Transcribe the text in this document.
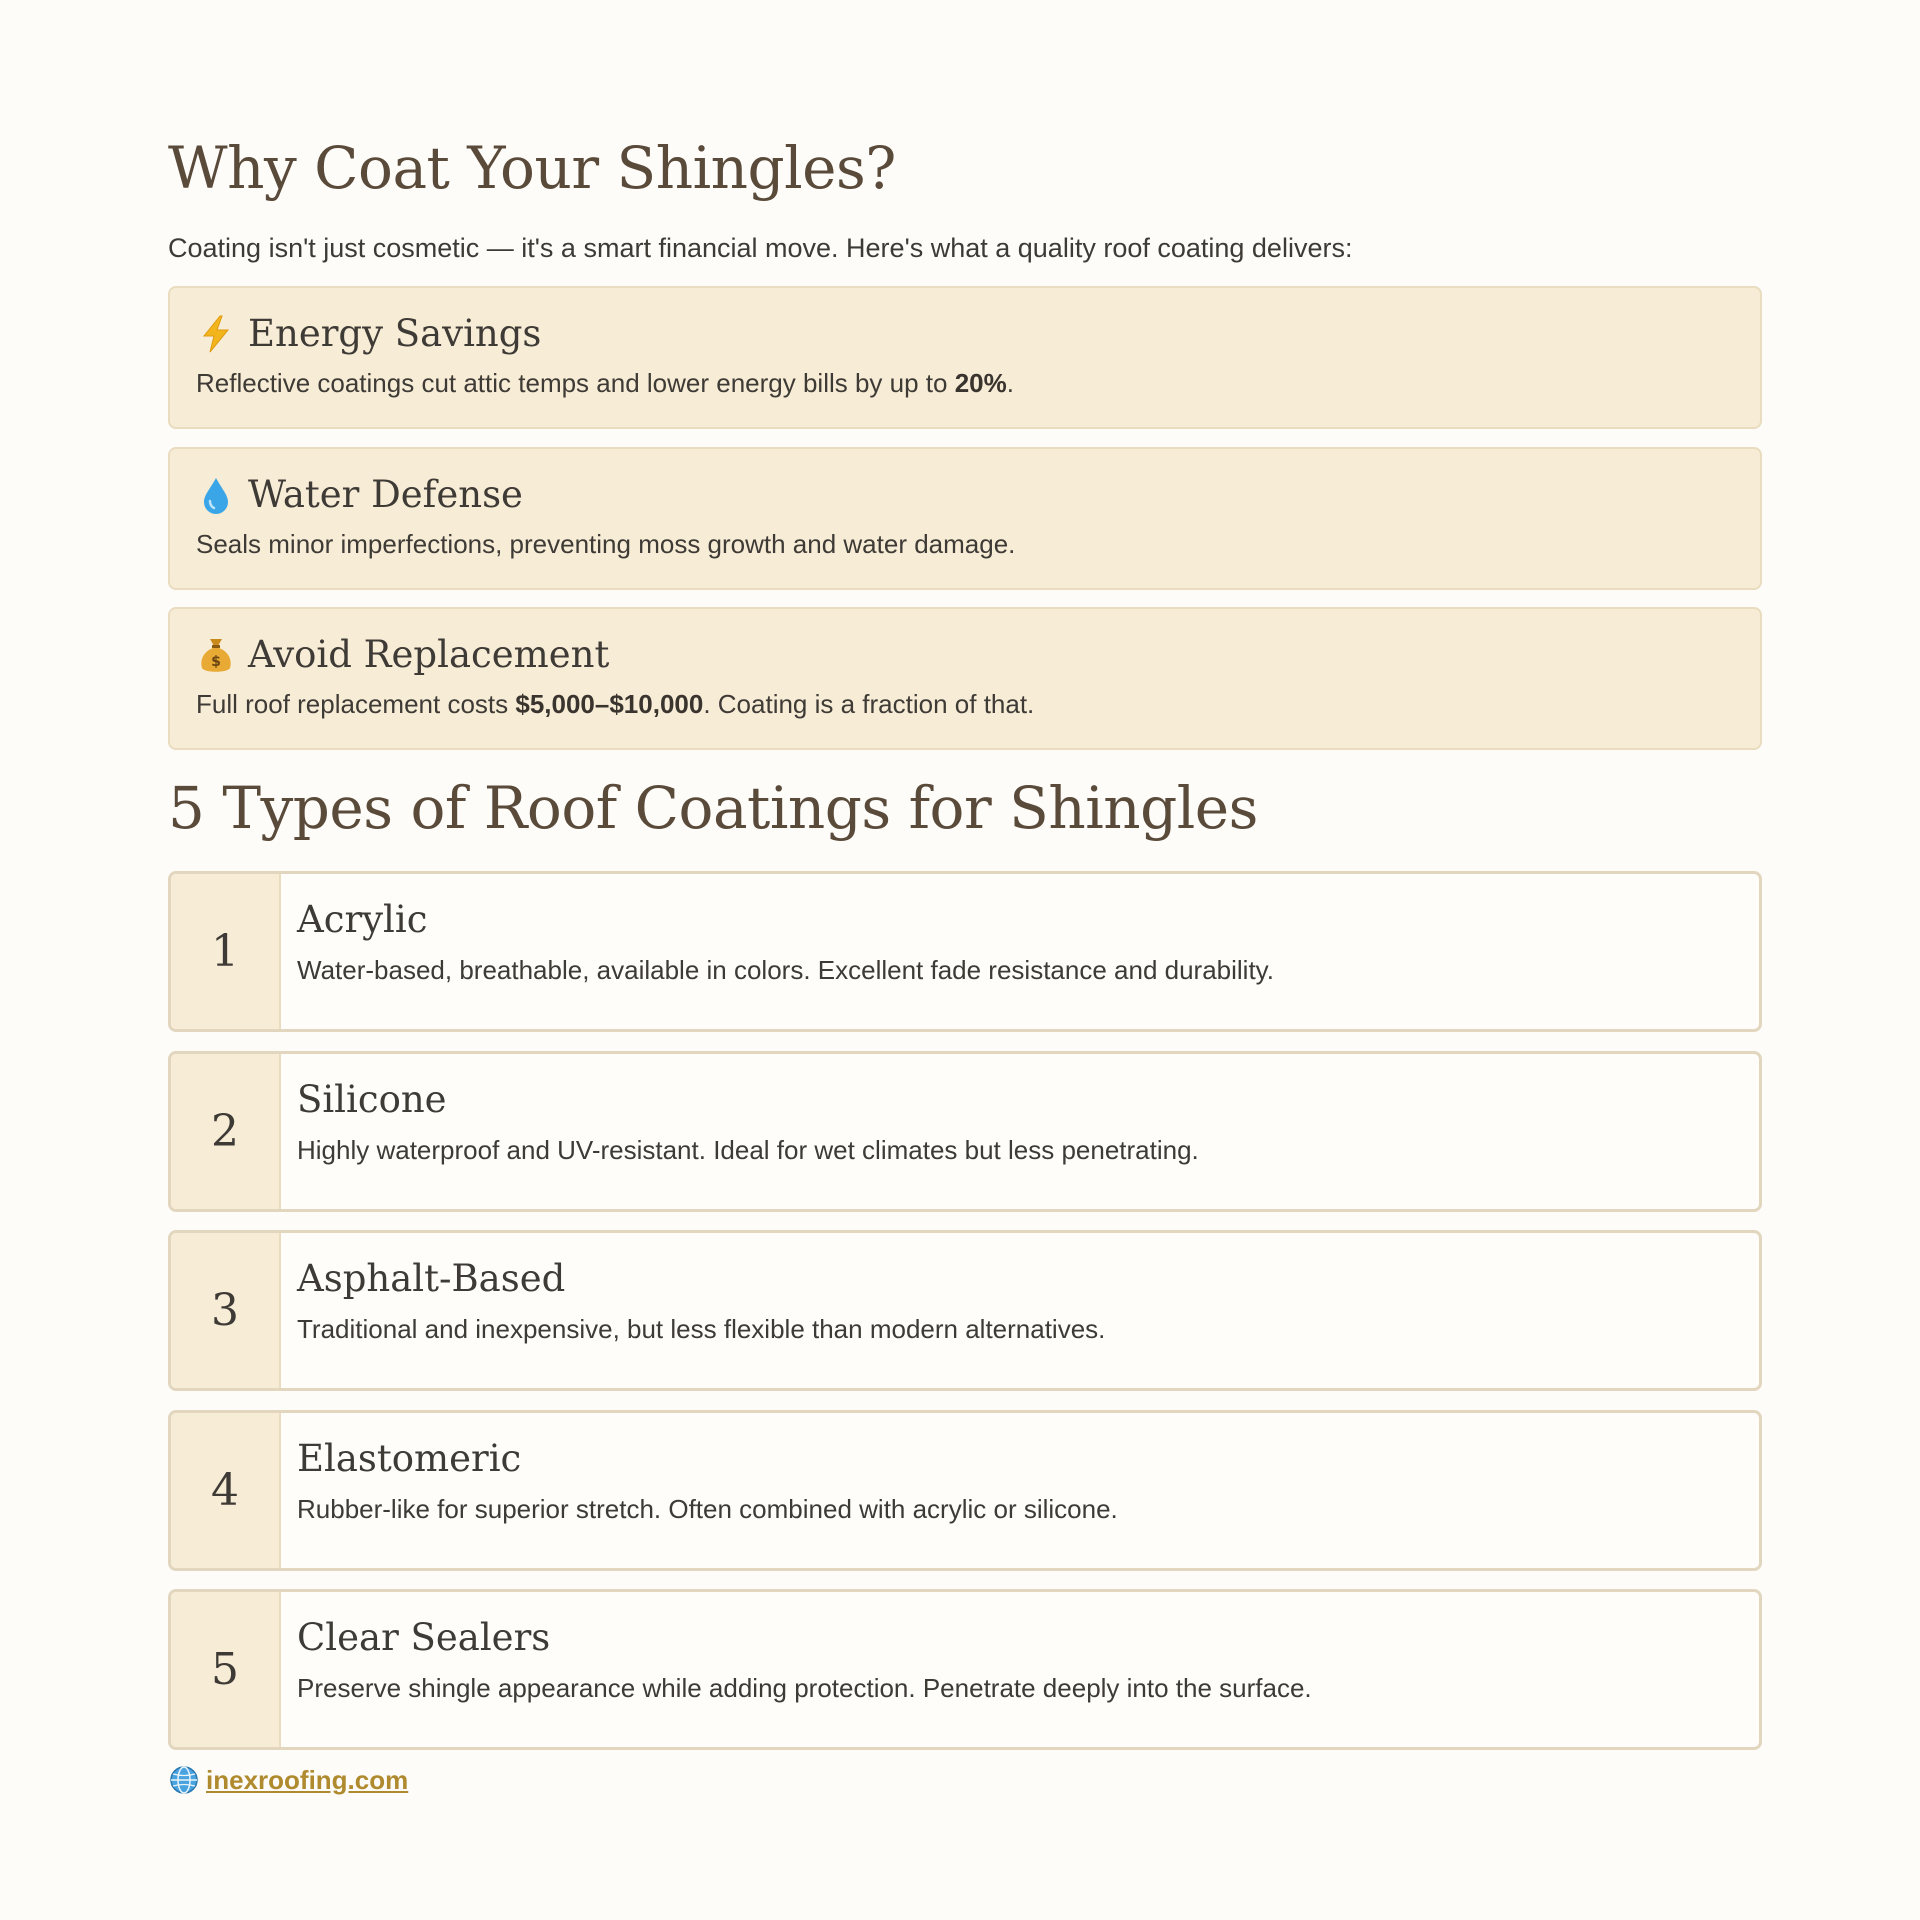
Why Coat Your Shingles?
Coating isn't just cosmetic — it's a smart financial move. Here's what a quality roof coating delivers:
Energy Savings
Reflective coatings cut attic temps and lower energy bills by up to 20%.
Water Defense
Seals minor imperfections, preventing moss growth and water damage.
$ Avoid Replacement
Full roof replacement costs $5,000–$10,000. Coating is a fraction of that.
5 Types of Roof Coatings for Shingles
1
Acrylic
Water-based, breathable, available in colors. Excellent fade resistance and durability.
2
Silicone
Highly waterproof and UV-resistant. Ideal for wet climates but less penetrating.
3
Asphalt-Based
Traditional and inexpensive, but less flexible than modern alternatives.
4
Elastomeric
Rubber-like for superior stretch. Often combined with acrylic or silicone.
5
Clear Sealers
Preserve shingle appearance while adding protection. Penetrate deeply into the surface.
inexroofing.com
